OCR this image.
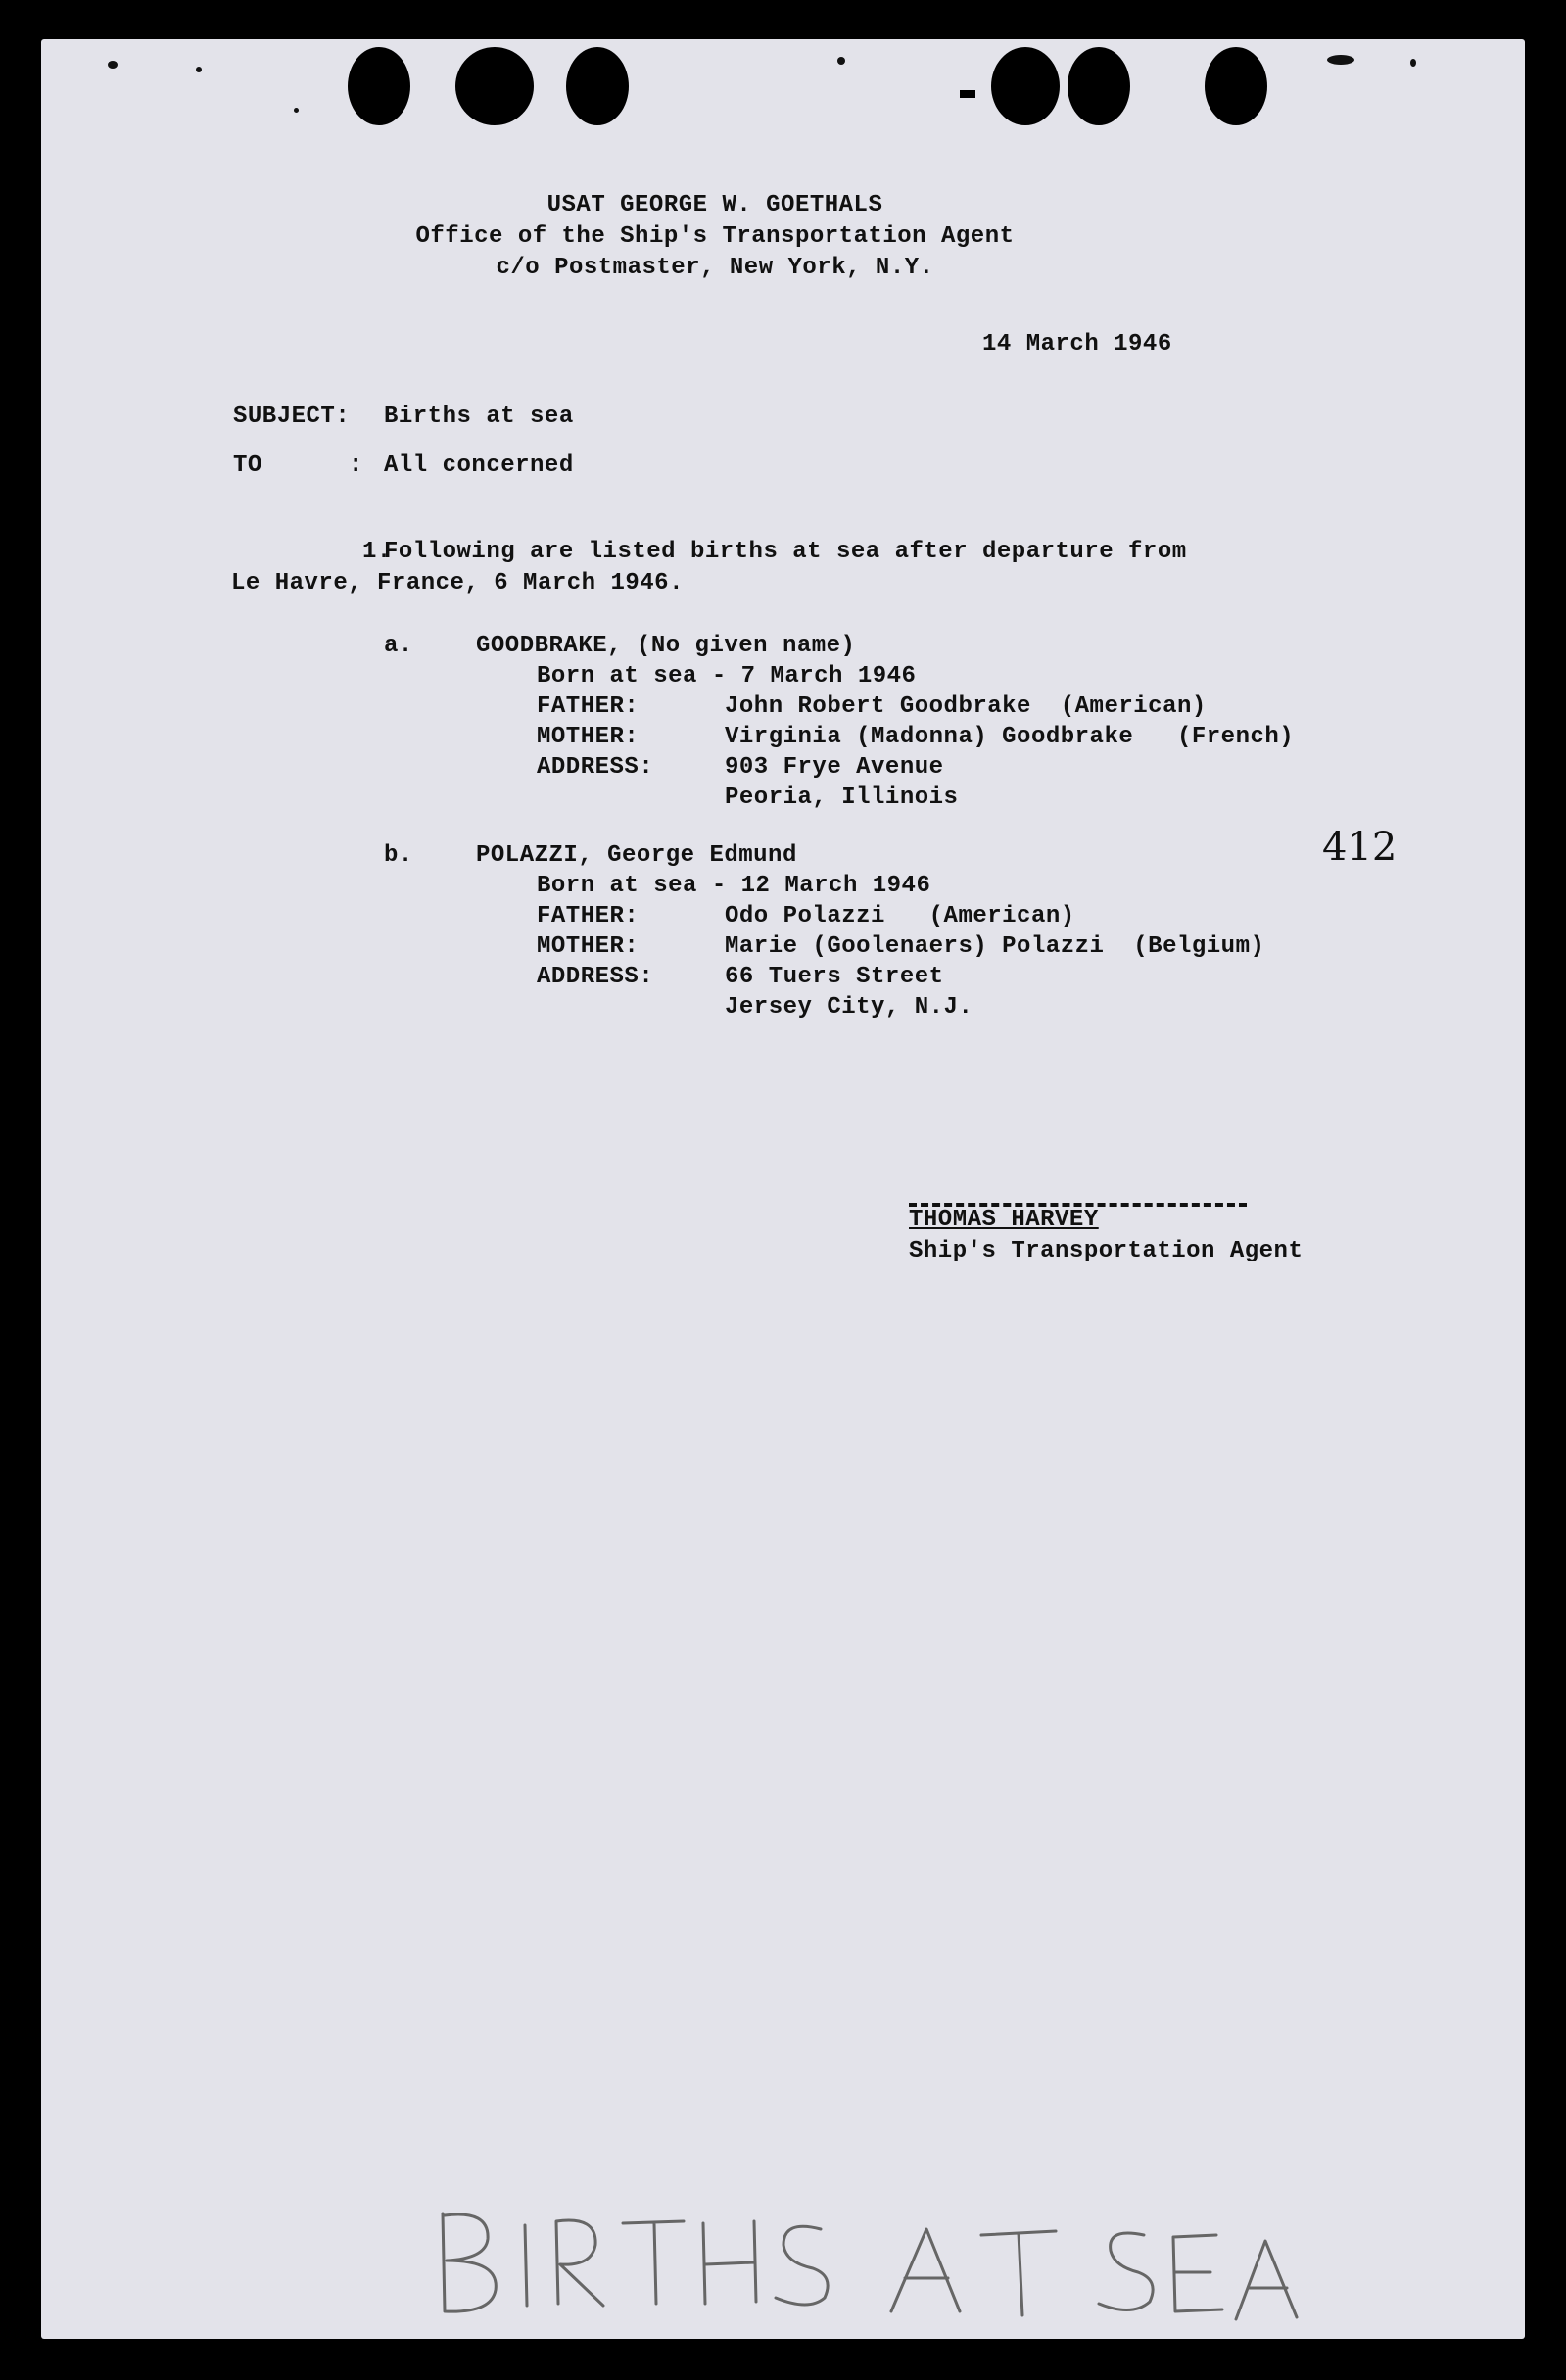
USAT GEORGE W. GOETHALS
Office of the Ship's Transportation Agent
c/o Postmaster, New York, N.Y.
14 March 1946
SUBJECT: Births at sea
TO	: All concerned
1.
Following are listed births at sea after departure from
Le Havre, France, 6 March 1946.
a.	GOODBRAKE, (No given name)
Born at sea - 7 March 1946
FATHER:	John Robert Goodbrake  (American)
MOTHER:	Virginia (Madonna) Goodbrake   (French)
ADDRESS:	903 Frye Avenue
Peoria, Illinois
412
b.	POLAZZI, George Edmund
Born at sea - 12 March 1946
FATHER:	Odo Polazzi   (American)
MOTHER:	Marie (Goolenaers) Polazzi  (Belgium)
ADDRESS:	66 Tuers Street
Jersey City, N.J.
THOMAS HARVEY
Ship's Transportation Agent
